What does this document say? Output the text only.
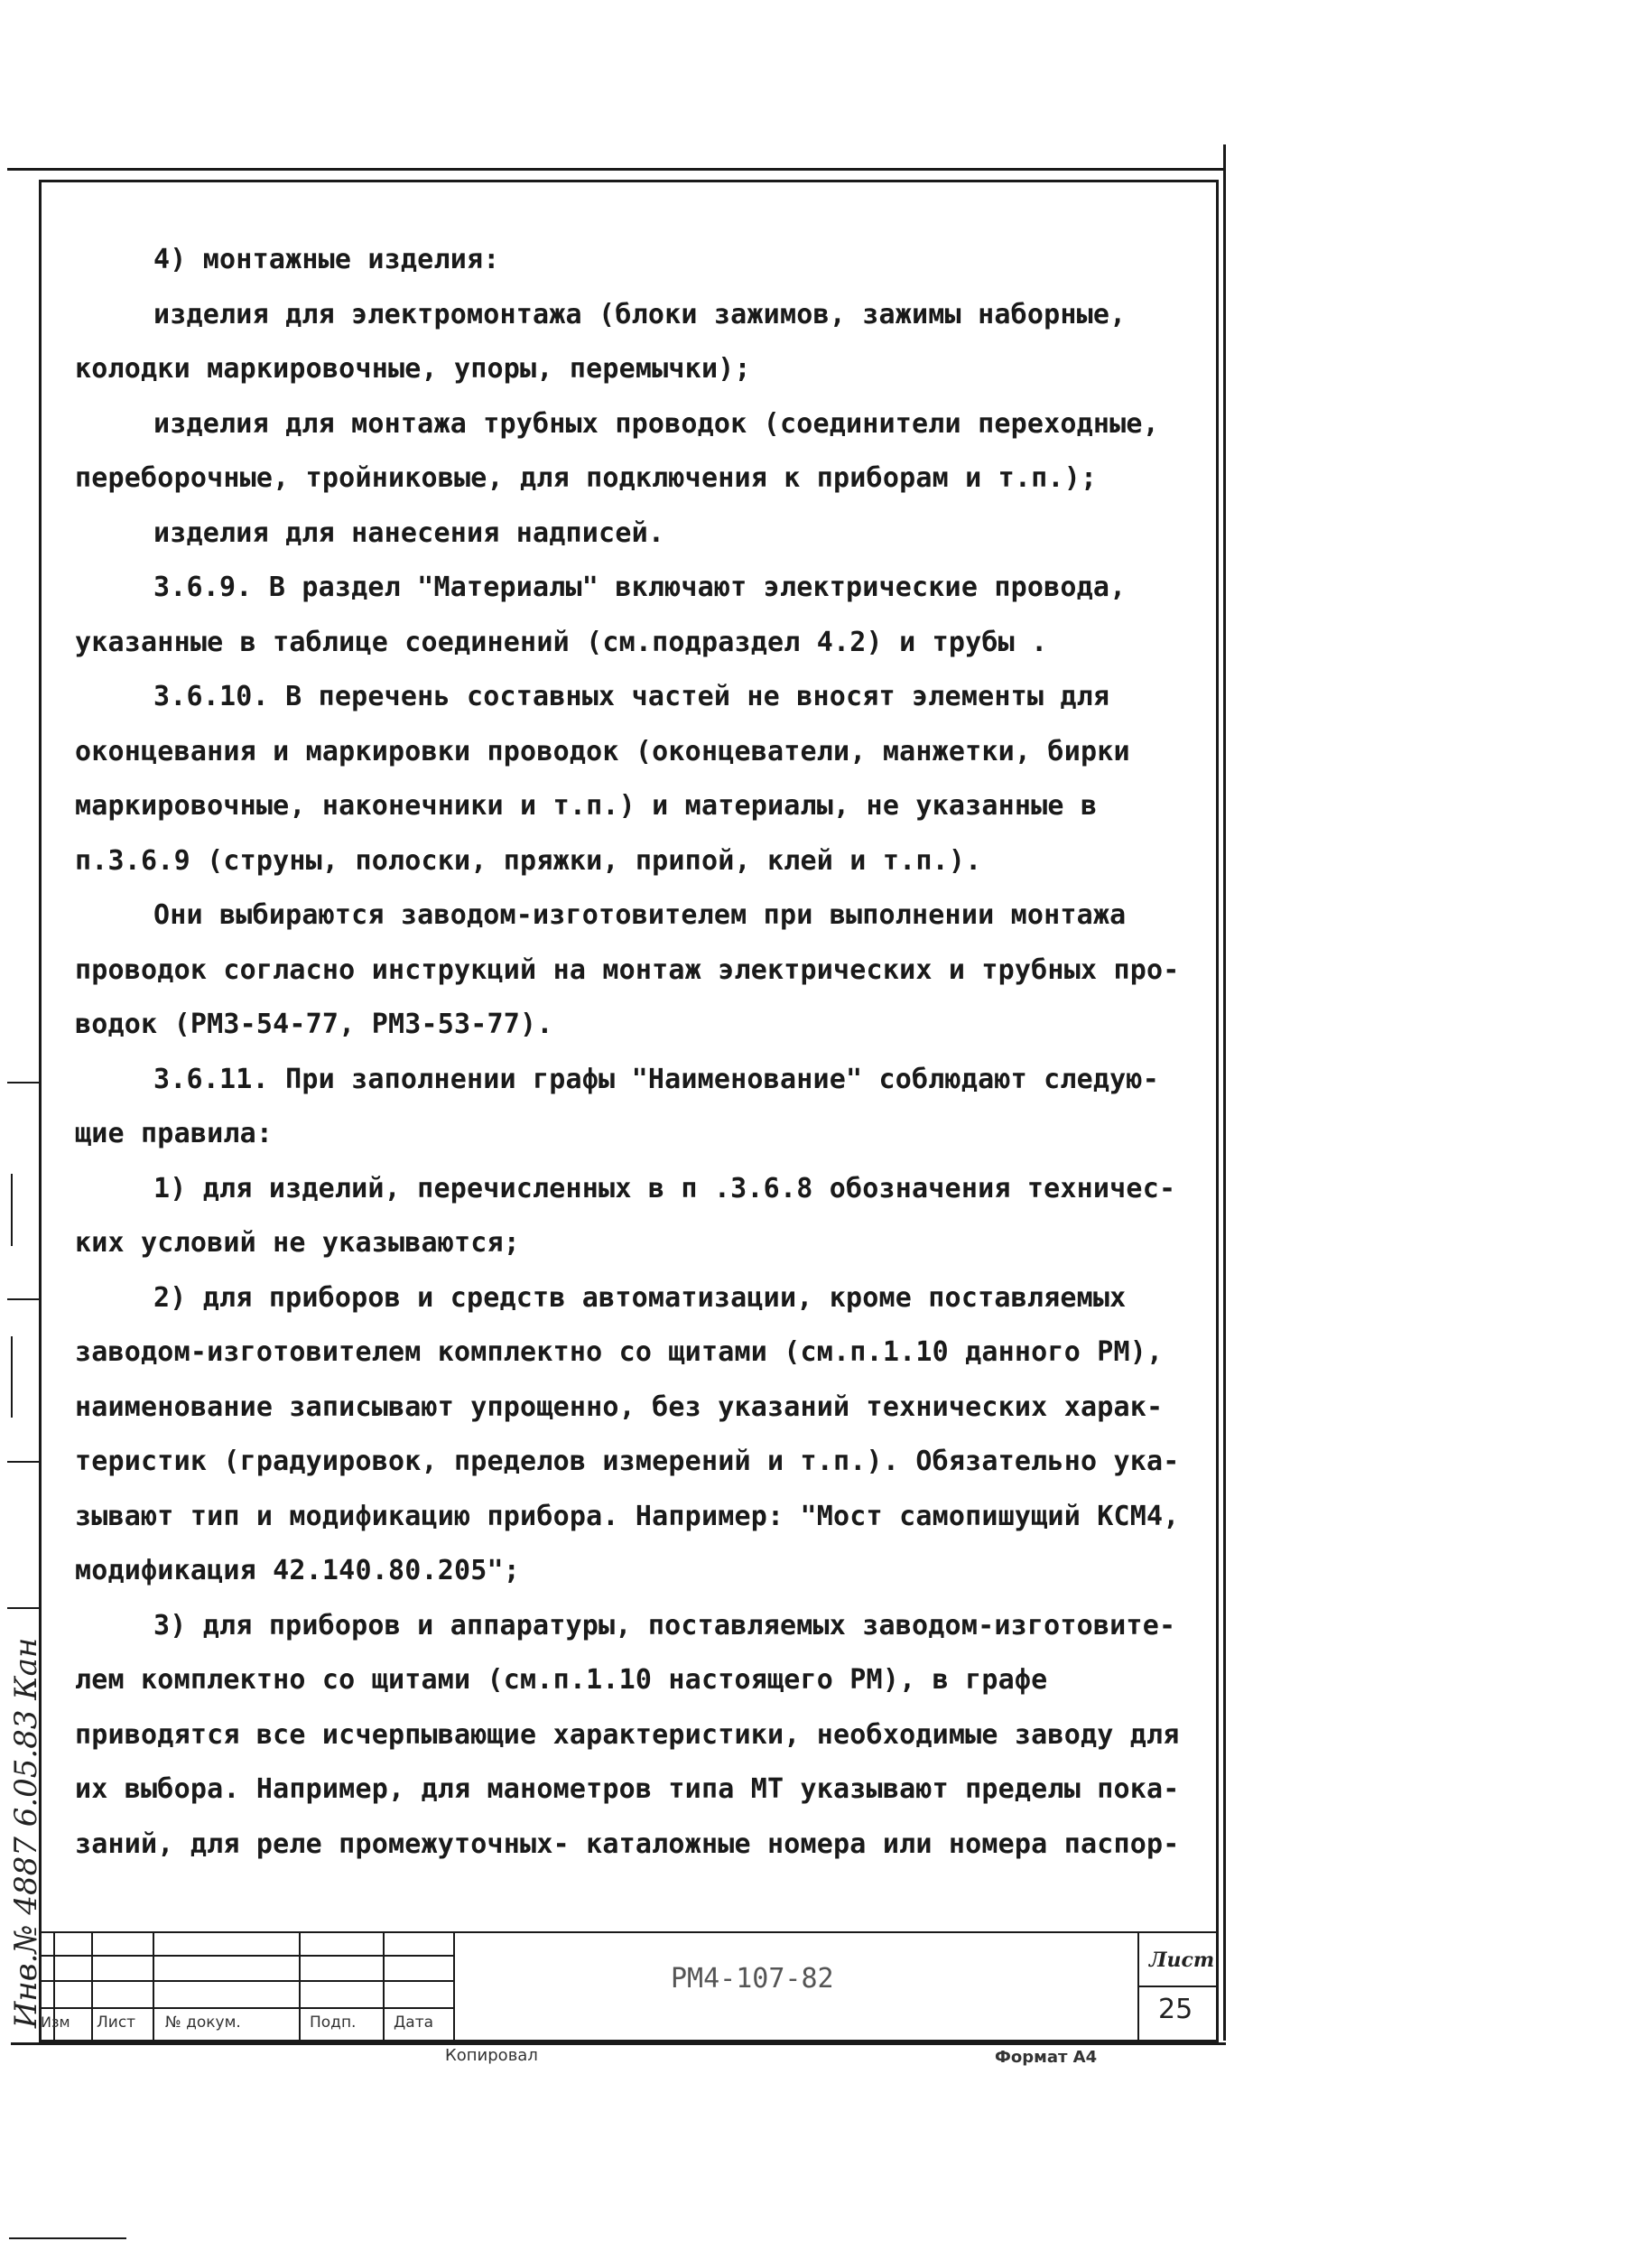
Инв.№ 4887 6.05.83 Кан
4) монтажные изделия:
изделия для электромонтажа (блоки зажимов, зажимы наборные,
колодки маркировочные, упоры, перемычки);
изделия для монтажа трубных проводок (соединители переходные,
переборочные, тройниковые, для подключения к приборам и т.п.);
изделия для нанесения надписей.
3.6.9. В раздел "Материалы" включают электрические провода,
указанные в таблице соединений (см.подраздел 4.2) и трубы .
3.6.10. В перечень составных частей не вносят элементы для
оконцевания и маркировки проводок (оконцеватели, манжетки, бирки
маркировочные, наконечники и т.п.) и материалы, не указанные в
п.3.6.9 (струны, полоски, пряжки, припой, клей и т.п.).
Они выбираются заводом-изготовителем при выполнении монтажа
проводок согласно инструкций на монтаж электрических и трубных про-
водок (РМ3-54-77, РМ3-53-77).
3.6.11. При заполнении графы "Наименование" соблюдают следую-
щие правила:
1) для изделий, перечисленных в п .3.6.8 обозначения техничес-
ких условий не указываются;
2) для приборов и средств автоматизации, кроме поставляемых
заводом-изготовителем комплектно со щитами (см.п.1.10 данного РМ),
наименование записывают упрощенно, без указаний технических харак-
теристик (градуировок, пределов измерений и т.п.). Обязательно ука-
зывают тип и модификацию прибора. Например: "Мост самопишущий КСМ4,
модификация 42.140.80.205";
3) для приборов и аппаратуры, поставляемых заводом-изготовите-
лем комплектно со щитами (см.п.1.10 настоящего РМ), в графе
приводятся все исчерпывающие характеристики, необходимые заводу для
их выбора. Например, для манометров типа МТ указывают пределы пока-
заний, для реле промежуточных- каталожные номера или номера паспор-
Изм Лист № докум.	Подп. Дата
РМ4-107-82
Лист
25
Копировал	Формат А4
